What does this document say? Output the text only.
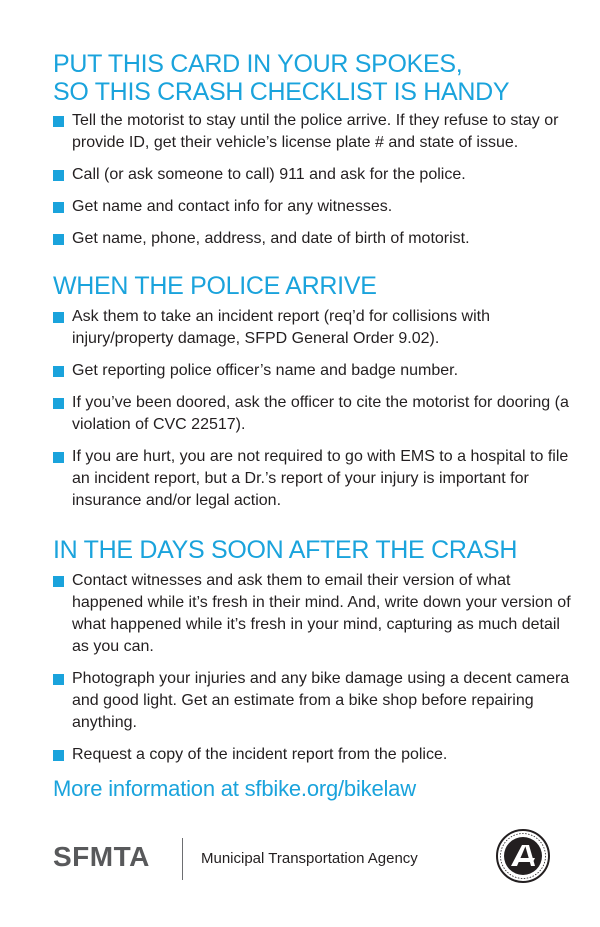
PUT THIS CARD IN YOUR SPOKES,
SO THIS CRASH CHECKLIST IS HANDY
Tell the motorist to stay until the police arrive. If they refuse to stay or provide ID, get their vehicle’s license plate # and state of issue.
Call (or ask someone to call) 911 and ask for the police.
Get name and contact info for any witnesses.
Get name, phone, address, and date of birth of motorist.
WHEN THE POLICE ARRIVE
Ask them to take an incident report (req’d for collisions with injury/property damage, SFPD General Order 9.02).
Get reporting police officer’s name and badge number.
If you’ve been doored, ask the officer to cite the motorist for dooring (a violation of CVC 22517).
If you are hurt, you are not required to go with EMS to a hospital to file an incident report, but a Dr.’s report of your injury is important for insurance and/or legal action.
IN THE DAYS SOON AFTER THE CRASH
Contact witnesses and ask them to email their version of what happened while it’s fresh in their mind. And, write down your version of what happened while it’s fresh in your mind, capturing as much detail as you can.
Photograph your injuries and any bike damage using a decent camera and good light. Get an estimate from a bike shop before repairing anything.
Request a copy of the incident report from the police.
More information at sfbike.org/bikelaw
SFMTA	Municipal Transportation Agency
